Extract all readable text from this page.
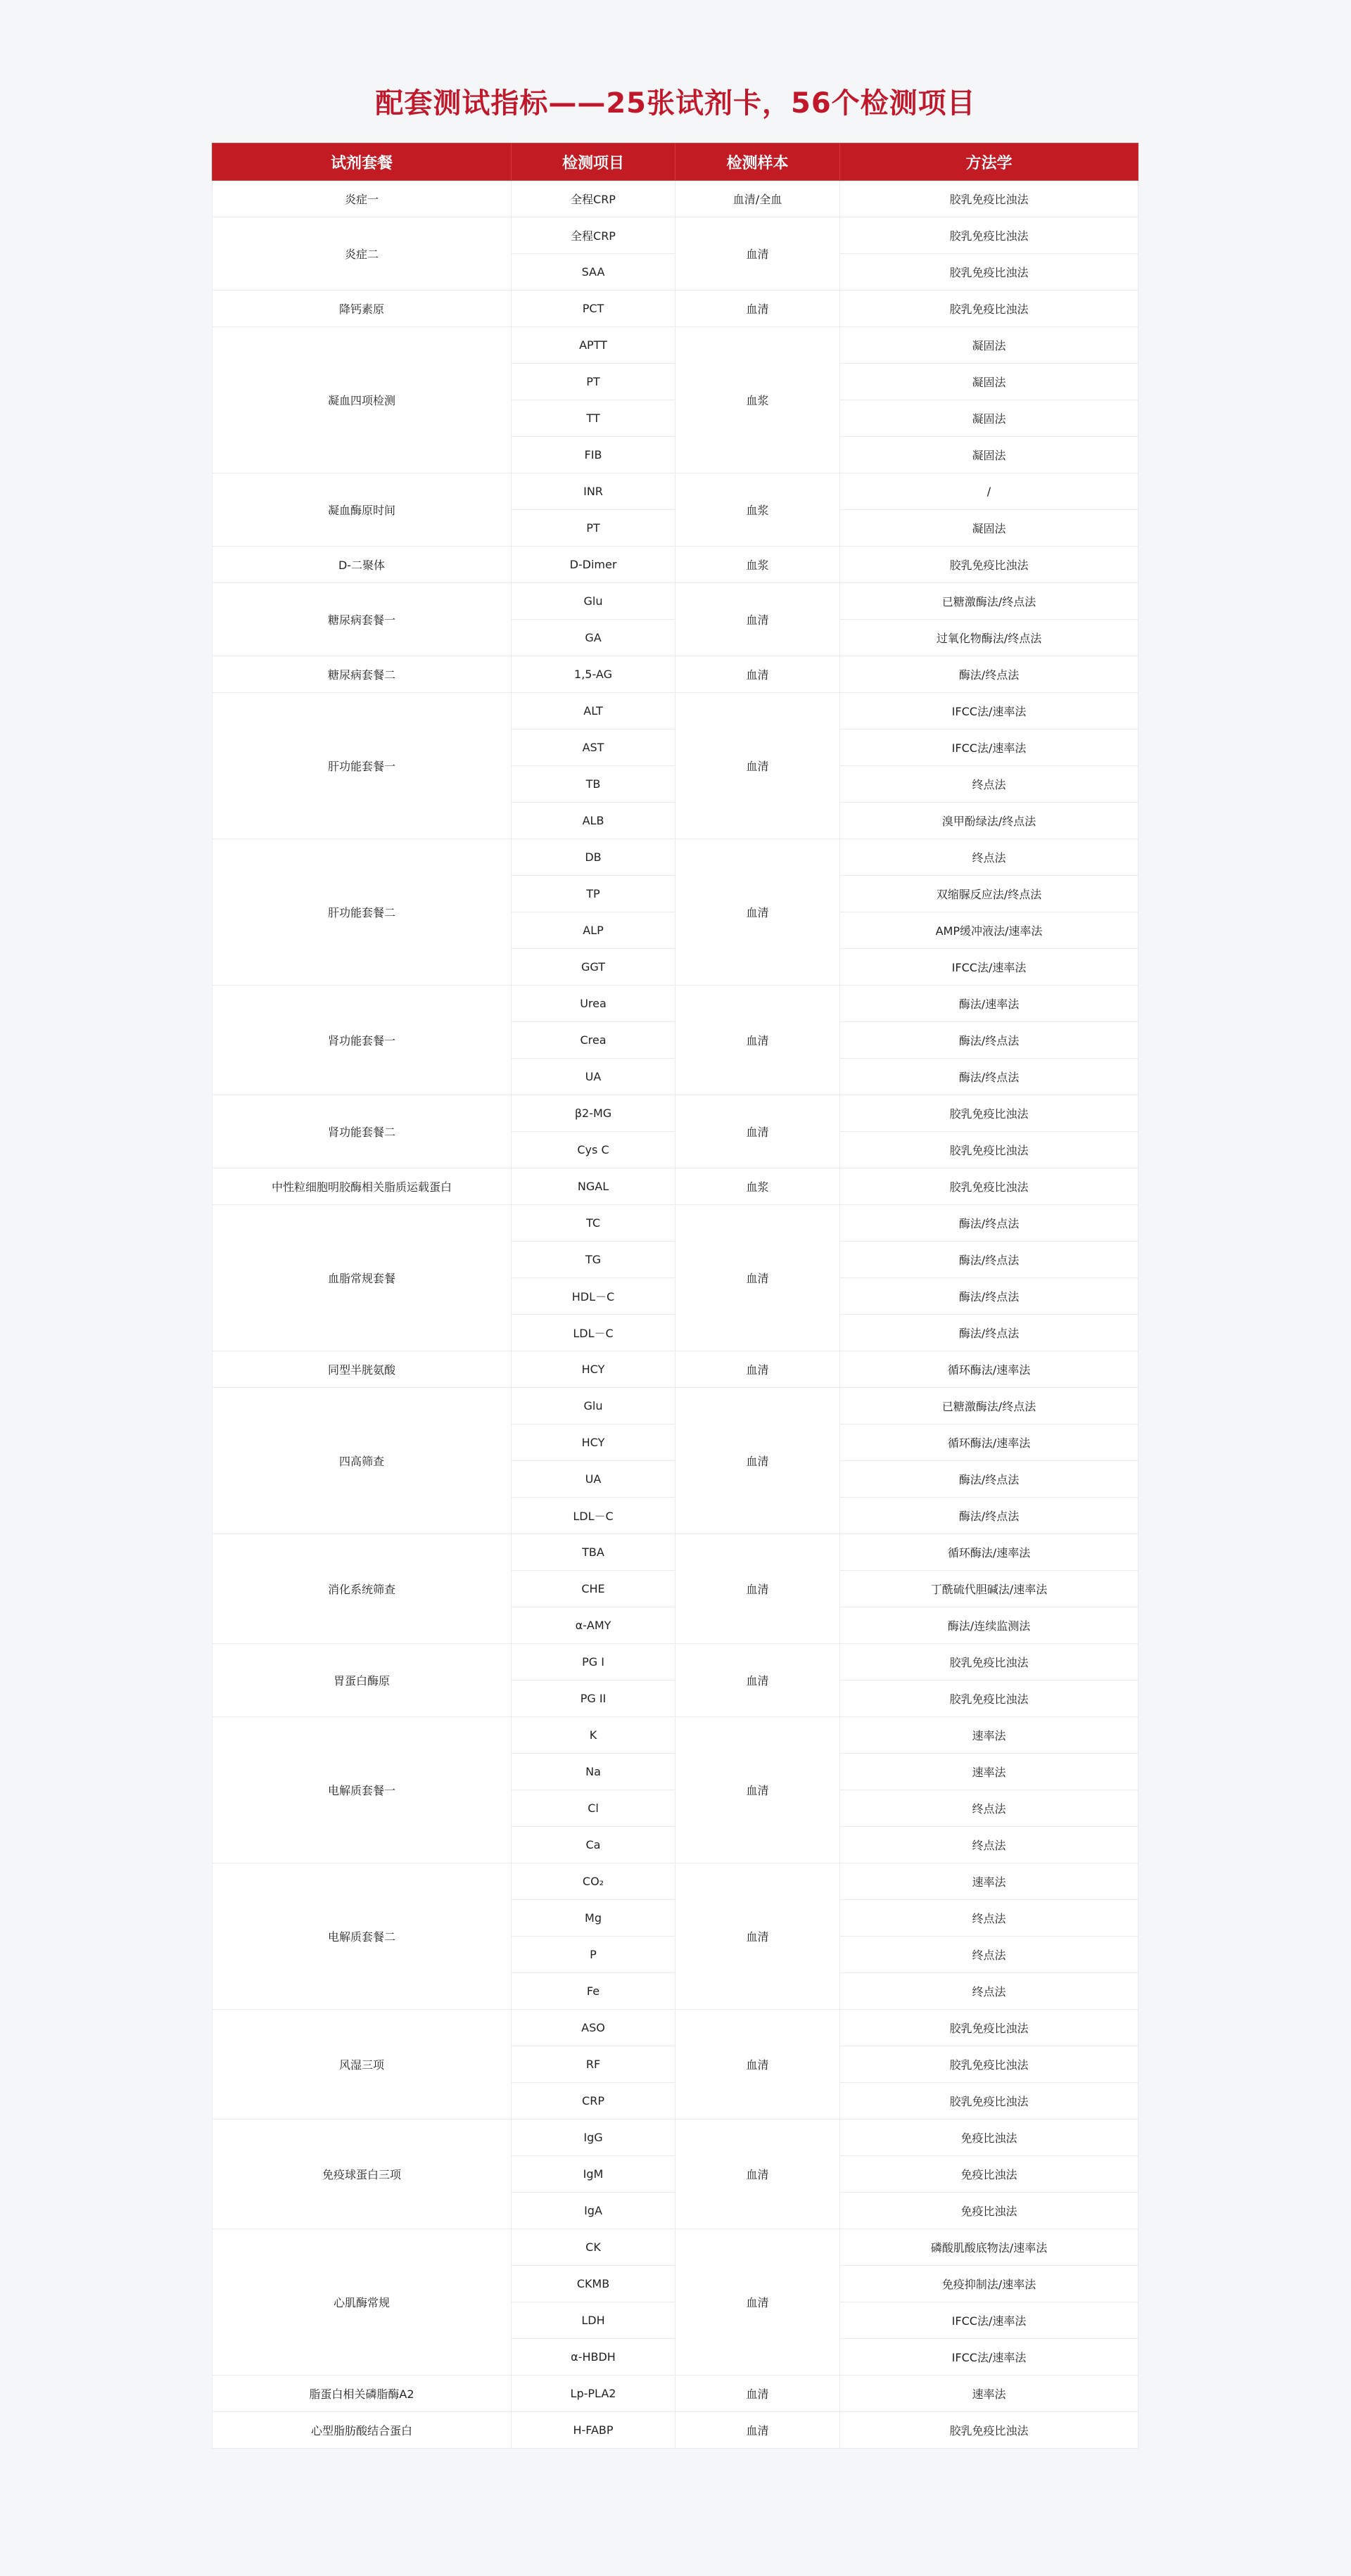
配套测试指标——25张试剂卡，56个检测项目
试剂套餐	检测项目	检测样本	方法学
炎症一	全程CRP	血清/全血	胶乳免疫比浊法
炎症二	全程CRP	血清	胶乳免疫比浊法
	SAA		胶乳免疫比浊法
降钙素原	PCT	血清	胶乳免疫比浊法
凝血四项检测	APTT	血浆	凝固法
	PT		凝固法
	TT		凝固法
	FIB		凝固法
凝血酶原时间	INR	血浆	/
	PT		凝固法
D-二聚体	D-Dimer	血浆	胶乳免疫比浊法
糖尿病套餐一	Glu	血清	已糖激酶法/终点法
	GA		过氧化物酶法/终点法
糖尿病套餐二	1,5-AG	血清	酶法/终点法
肝功能套餐一	ALT	血清	IFCC法/速率法
	AST		IFCC法/速率法
	TB		终点法
	ALB		溴甲酚绿法/终点法
肝功能套餐二	DB	血清	终点法
	TP		双缩脲反应法/终点法
	ALP		AMP缓冲液法/速率法
	GGT		IFCC法/速率法
肾功能套餐一	Urea	血清	酶法/速率法
	Crea		酶法/终点法
	UA		酶法/终点法
肾功能套餐二	β2-MG	血清	胶乳免疫比浊法
	Cys C		胶乳免疫比浊法
中性粒细胞明胶酶相关脂质运载蛋白	NGAL	血浆	胶乳免疫比浊法
血脂常规套餐	TC	血清	酶法/终点法
	TG		酶法/终点法
	HDL－C		酶法/终点法
	LDL－C		酶法/终点法
同型半胱氨酸	HCY	血清	循环酶法/速率法
四高筛查	Glu	血清	已糖激酶法/终点法
	HCY		循环酶法/速率法
	UA		酶法/终点法
	LDL－C		酶法/终点法
消化系统筛查	TBA	血清	循环酶法/速率法
	CHE		丁酰硫代胆碱法/速率法
	α-AMY		酶法/连续监测法
胃蛋白酶原	PG I	血清	胶乳免疫比浊法
	PG II		胶乳免疫比浊法
电解质套餐一	K	血清	速率法
	Na		速率法
	Cl		终点法
	Ca		终点法
电解质套餐二	CO₂	血清	速率法
	Mg		终点法
	P		终点法
	Fe		终点法
风湿三项	ASO	血清	胶乳免疫比浊法
	RF		胶乳免疫比浊法
	CRP		胶乳免疫比浊法
免疫球蛋白三项	IgG	血清	免疫比浊法
	IgM		免疫比浊法
	IgA		免疫比浊法
心肌酶常规	CK	血清	磷酸肌酸底物法/速率法
	CKMB		免疫抑制法/速率法
	LDH		IFCC法/速率法
	α-HBDH		IFCC法/速率法
脂蛋白相关磷脂酶A2	Lp-PLA2	血清	速率法
心型脂肪酸结合蛋白	H-FABP	血清	胶乳免疫比浊法
